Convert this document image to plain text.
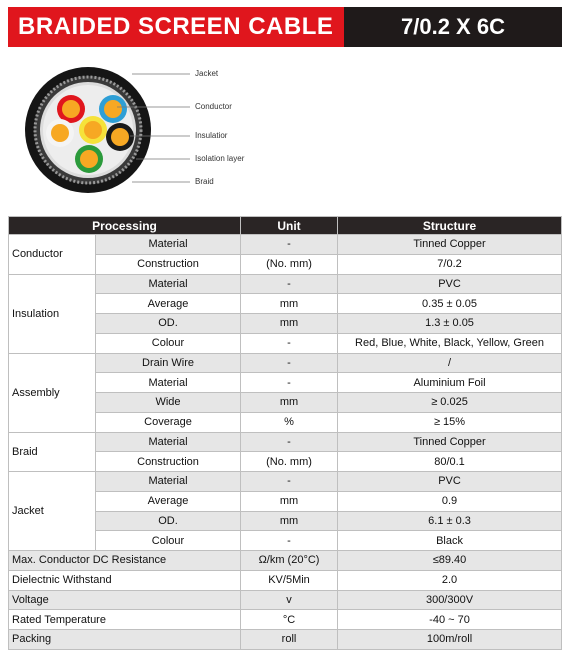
BRAIDED SCREEN CABLE	7/0.2 X 6C
Jacket
Conductor
Insulatior
Isolation layer
Braid
Processing		Unit	Structure
Conductor	Material	-	Tinned Copper
	Construction	(No. mm)	7/0.2
Insulation	Material	-	PVC
	Average	mm	0.35 ± 0.05
	OD.	mm	1.3 ± 0.05
	Colour	-	Red, Blue, White, Black, Yellow, Green
Assembly	Drain Wire	-	/
	Material	-	Aluminium Foil
	Wide	mm	≥ 0.025
	Coverage	%	≥ 15%
Braid	Material	-	Tinned Copper
	Construction	(No. mm)	80/0.1
Jacket	Material	-	PVC
	Average	mm	0.9
	OD.	mm	6.1 ± 0.3
	Colour	-	Black
Max. Conductor DC Resistance		Ω/km (20°C)	≤89.40
Dielectnic Withstand		KV/5Min	2.0
Voltage		v	300/300V
Rated Temperature		°C	-40 ~ 70
Packing		roll	100m/roll
